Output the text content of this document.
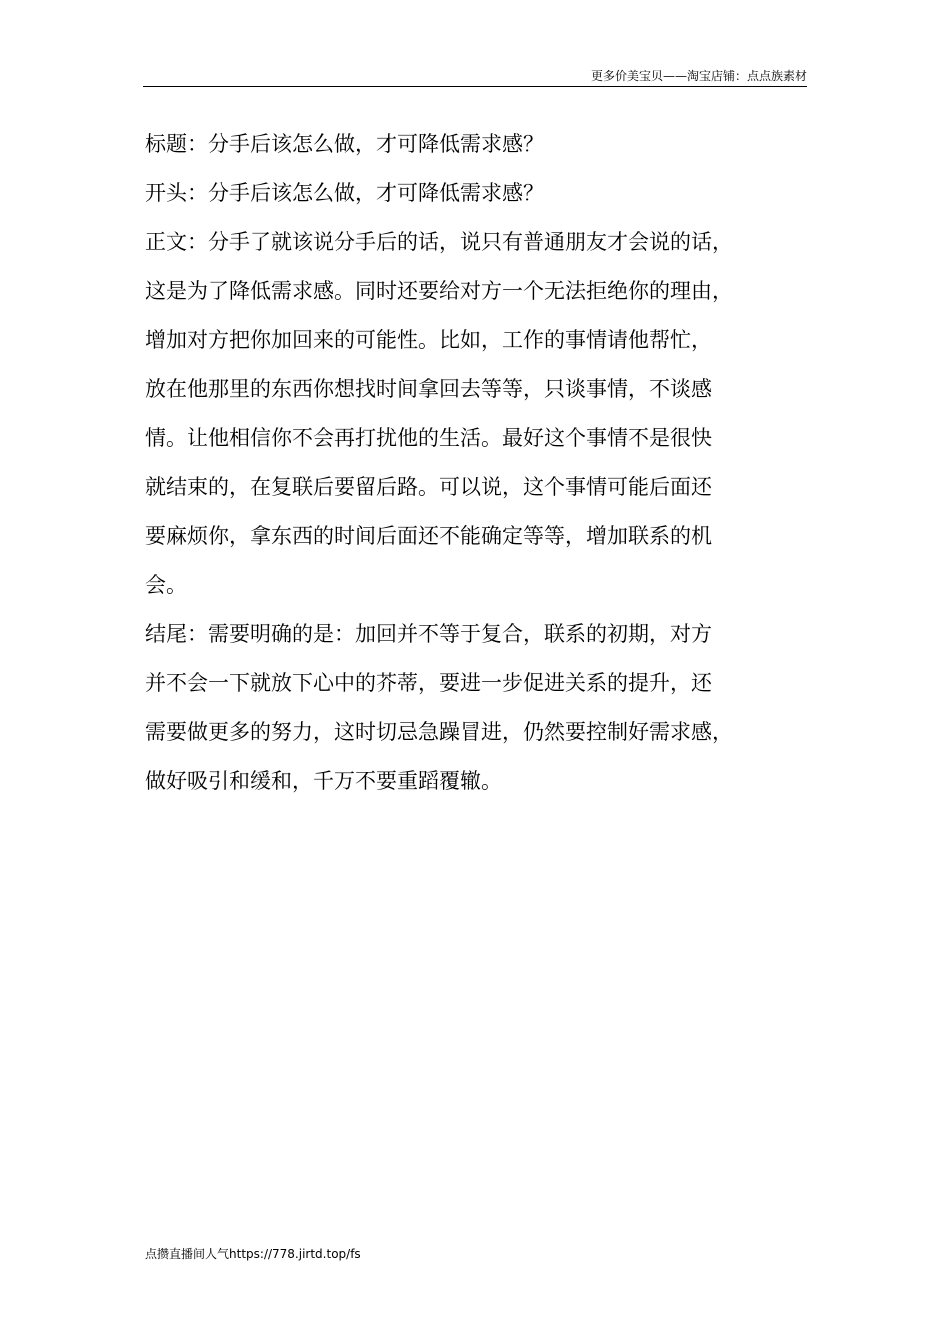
更多价美宝贝——淘宝店铺：点点族素材

标题：分手后该怎么做，才可降低需求感？

开头：分手后该怎么做，才可降低需求感？

正文：分手了就该说分手后的话，说只有普通朋友才会说的话，
这是为了降低需求感。同时还要给对方一个无法拒绝你的理由，
增加对方把你加回来的可能性。比如，工作的事情请他帮忙，
放在他那里的东西你想找时间拿回去等等，只谈事情，不谈感
情。让他相信你不会再打扰他的生活。最好这个事情不是很快
就结束的，在复联后要留后路。可以说，这个事情可能后面还
要麻烦你，拿东西的时间后面还不能确定等等，增加联系的机
会。

结尾：需要明确的是：加回并不等于复合，联系的初期，对方
并不会一下就放下心中的芥蒂，要进一步促进关系的提升，还
需要做更多的努力，这时切忌急躁冒进，仍然要控制好需求感，
做好吸引和缓和，千万不要重蹈覆辙。

点攒直播间人气https://778.jirtd.top/fs
